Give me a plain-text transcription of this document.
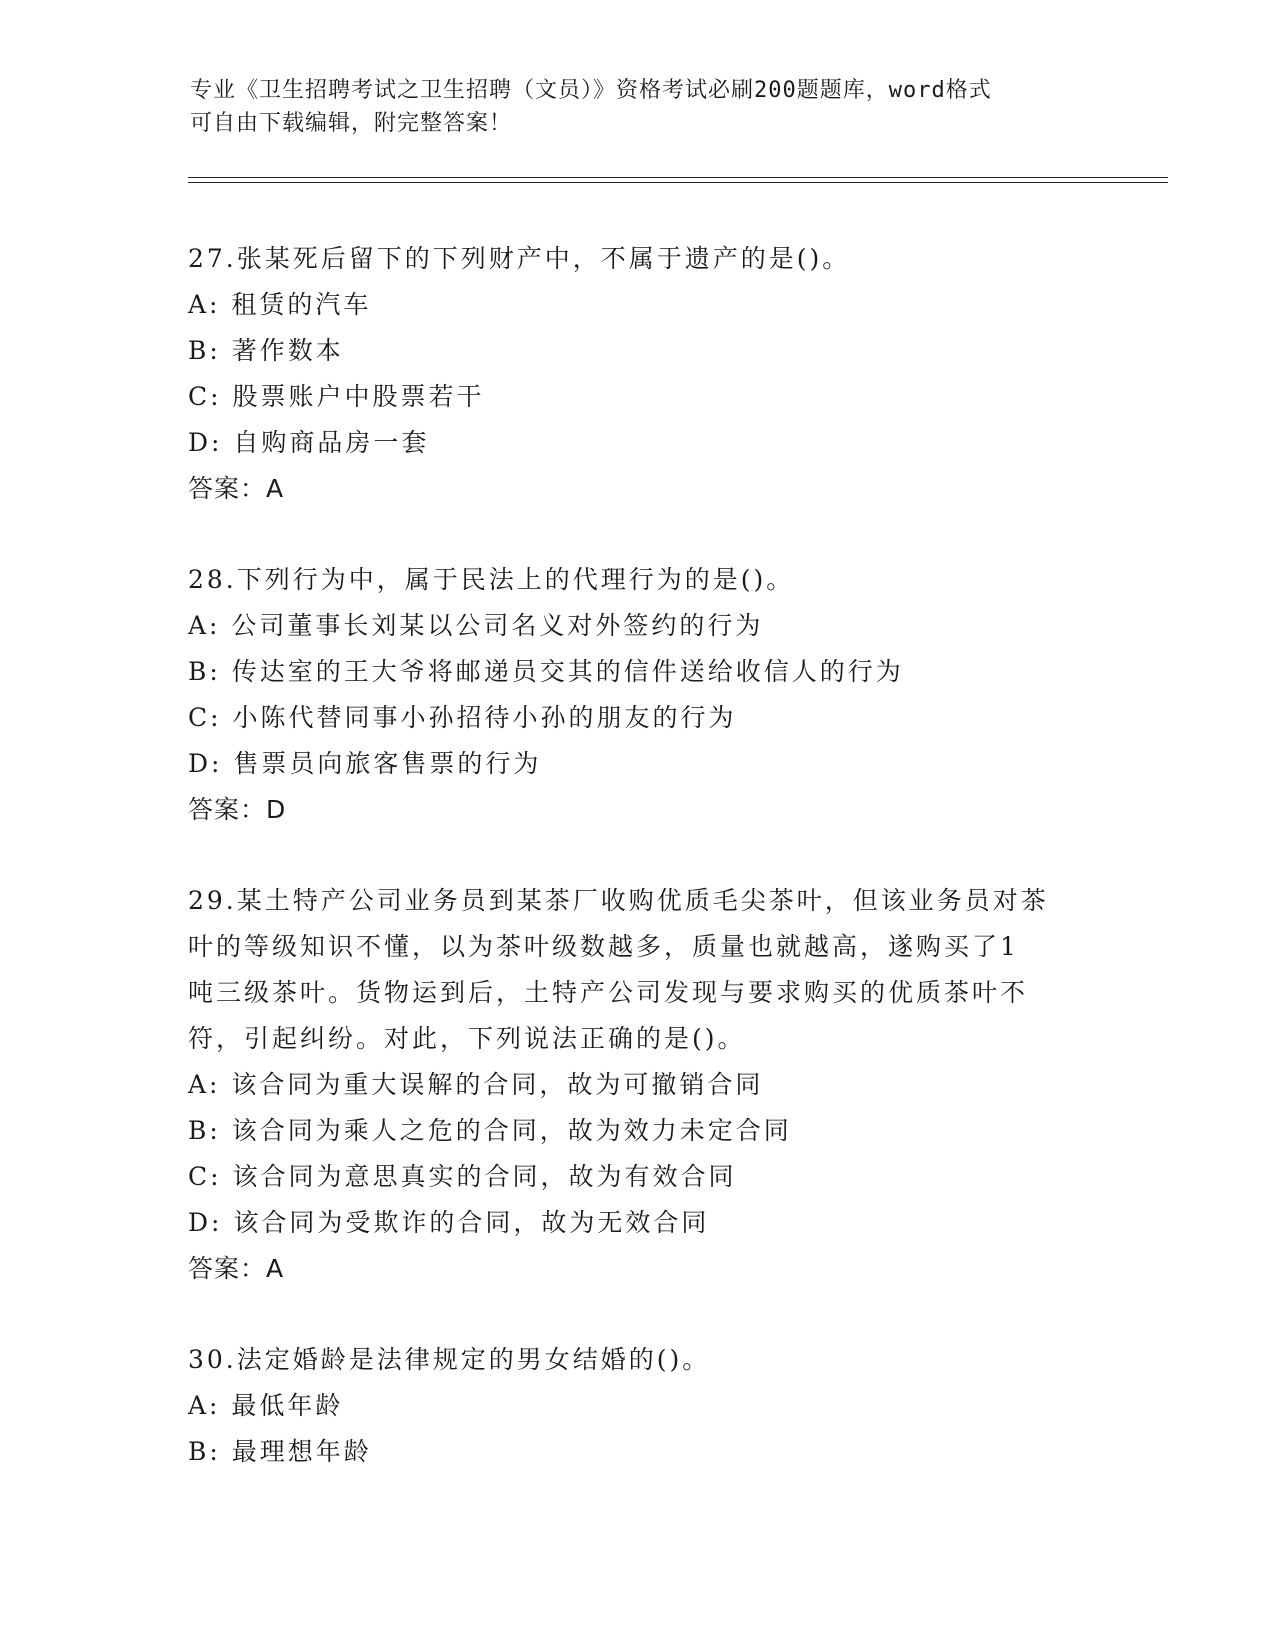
专业《卫生招聘考试之卫生招聘（文员）》资格考试必刷200题题库，word格式
可自由下载编辑，附完整答案！
27.张某死后留下的下列财产中，不属于遗产的是()。
A: 租赁的汽车
B: 著作数本
C: 股票账户中股票若干
D: 自购商品房一套
答案：A
28.下列行为中，属于民法上的代理行为的是()。
A: 公司董事长刘某以公司名义对外签约的行为
B: 传达室的王大爷将邮递员交其的信件送给收信人的行为
C: 小陈代替同事小孙招待小孙的朋友的行为
D: 售票员向旅客售票的行为
答案：D
29.某土特产公司业务员到某茶厂收购优质毛尖茶叶，但该业务员对茶
叶的等级知识不懂，以为茶叶级数越多，质量也就越高，遂购买了1
吨三级茶叶。货物运到后，土特产公司发现与要求购买的优质茶叶不
符，引起纠纷。对此，下列说法正确的是()。
A: 该合同为重大误解的合同，故为可撤销合同
B: 该合同为乘人之危的合同，故为效力未定合同
C: 该合同为意思真实的合同，故为有效合同
D: 该合同为受欺诈的合同，故为无效合同
答案：A
30.法定婚龄是法律规定的男女结婚的()。
A: 最低年龄
B: 最理想年龄
